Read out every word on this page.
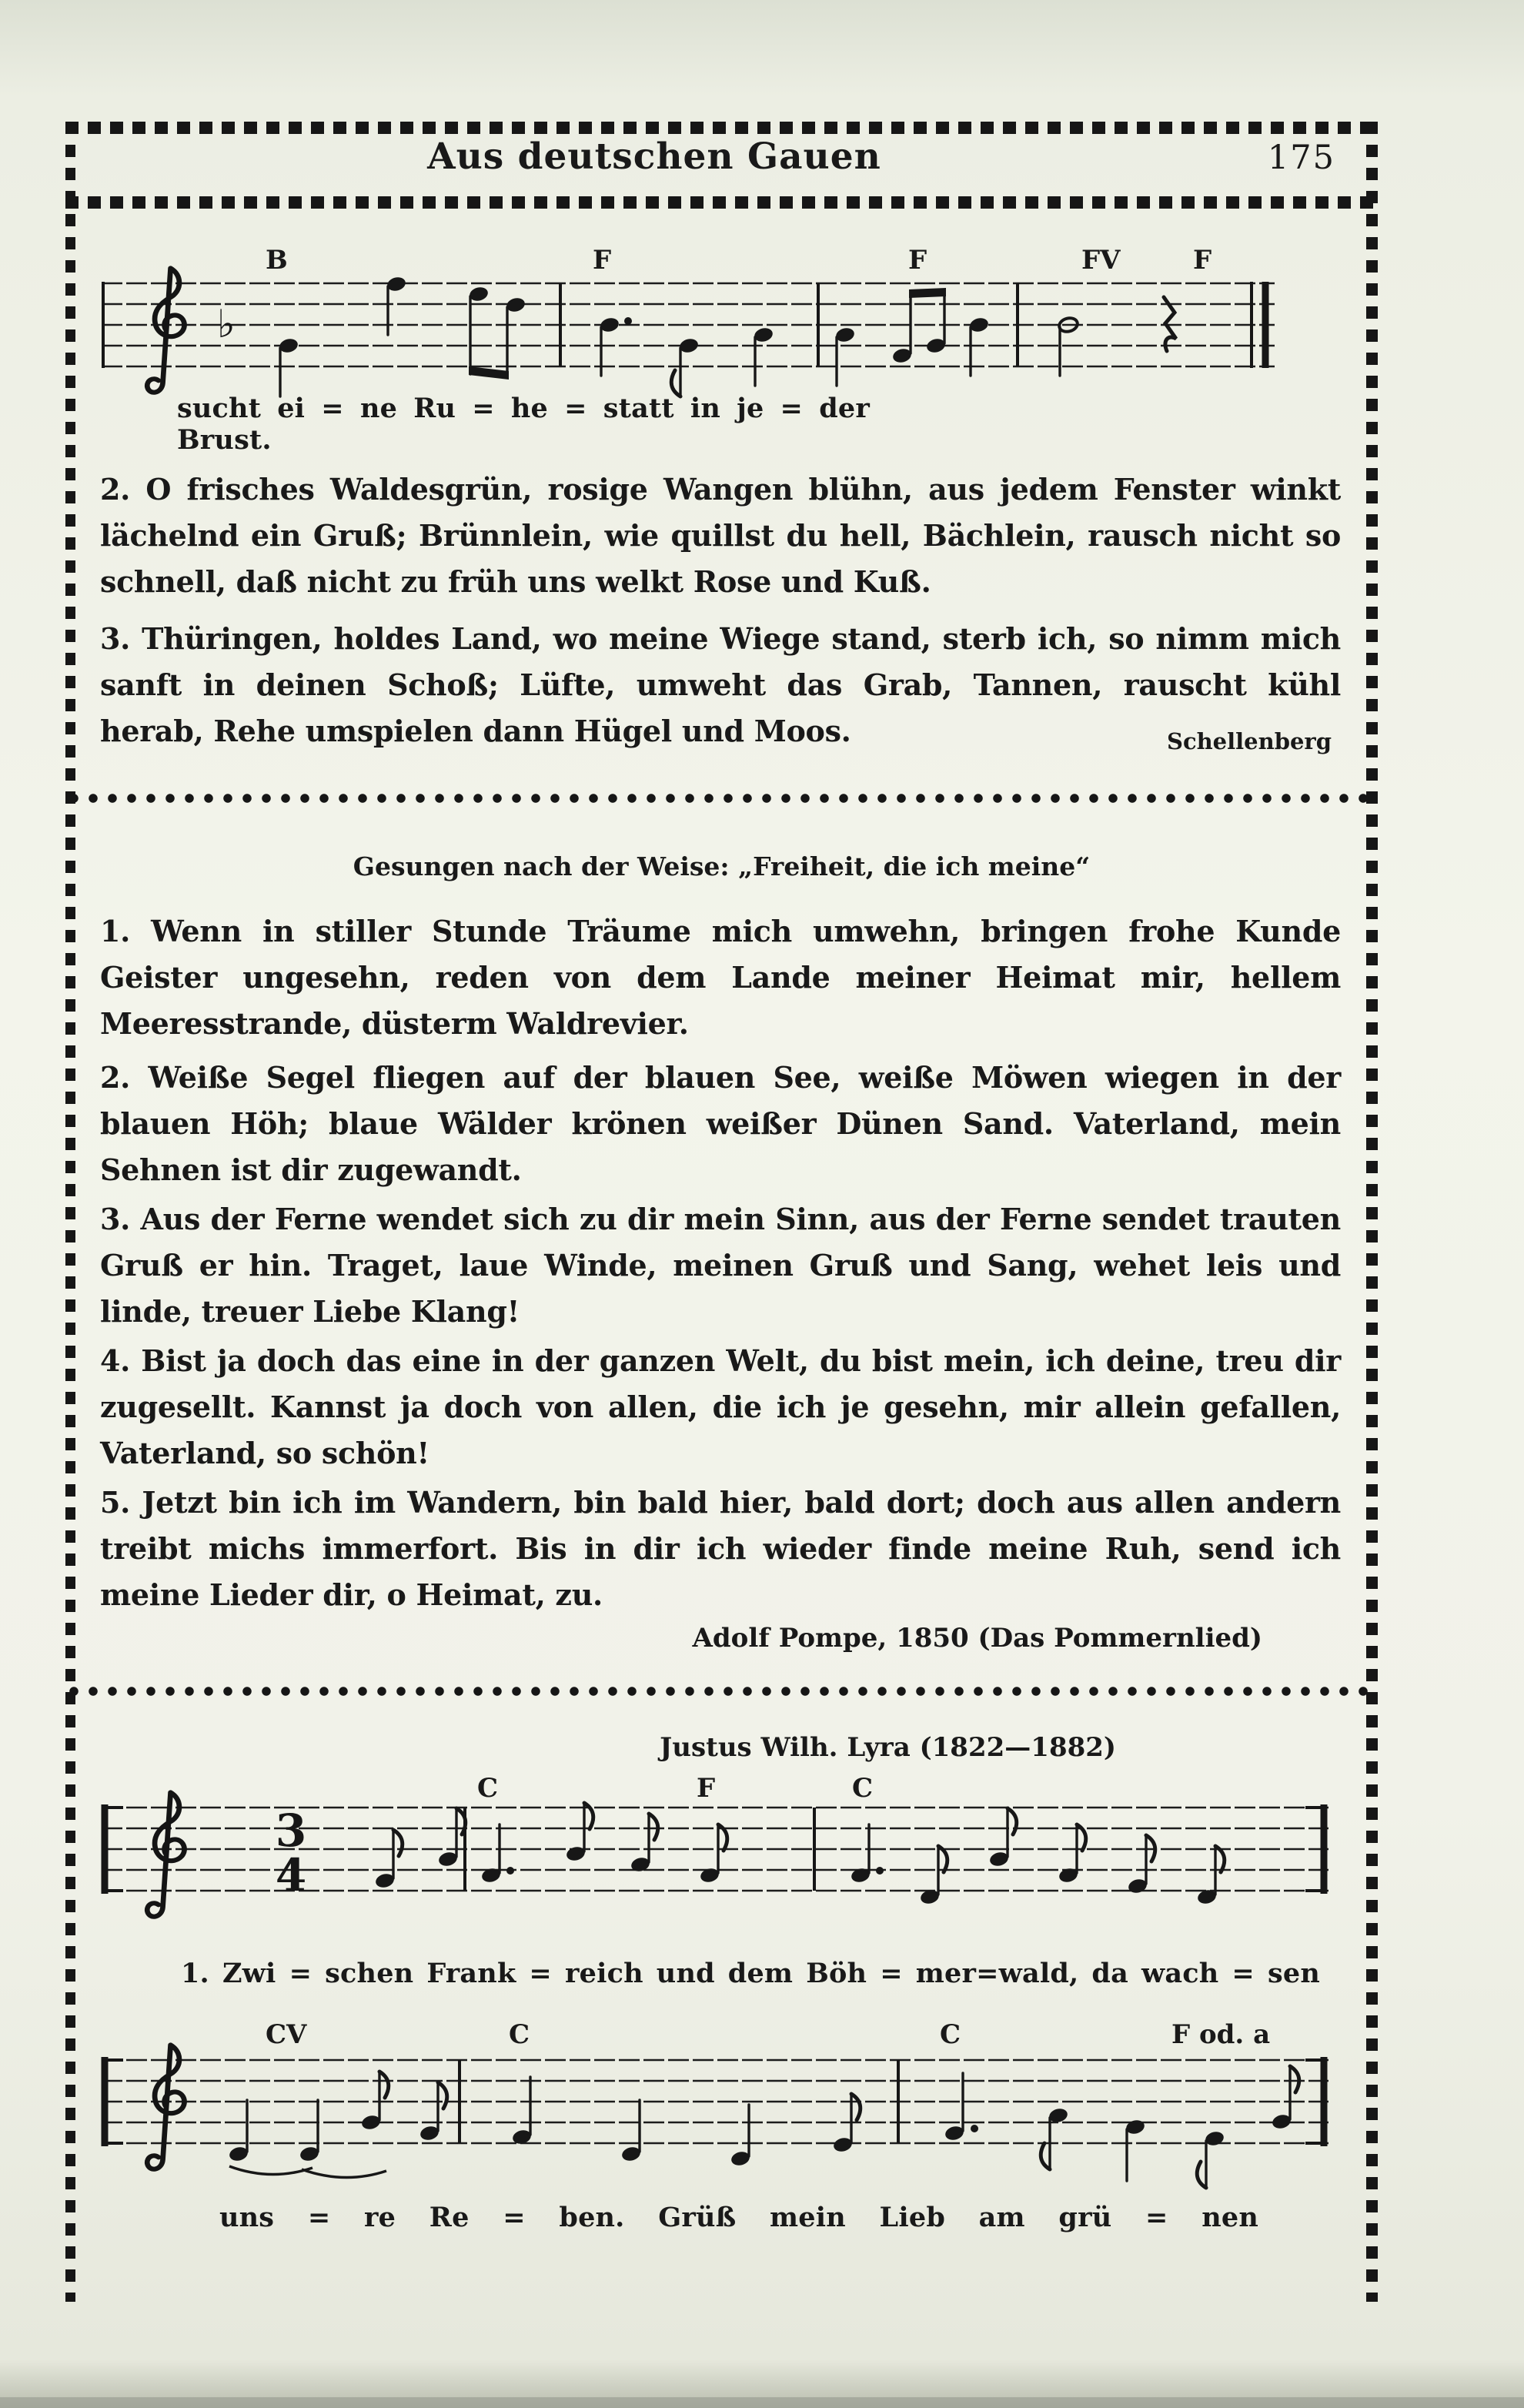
Aus deutschen Gauen	175
B	F	F	FV	F
♭
sucht ei = ne Ru = he = statt in je = der Brust.
2. O frisches Waldesgrün, rosige Wangen blühn, aus jedem Fenster winkt lächelnd ein Gruß; Brünnlein, wie quillst du hell, Bächlein, rausch nicht so schnell, daß nicht zu früh uns welkt Rose und Kuß.
3. Thüringen, holdes Land, wo meine Wiege stand, sterb ich, so nimm mich sanft in deinen Schoß; Lüfte, umweht das Grab, Tannen, rauscht kühl herab, Rehe umspielen dann Hügel und Moos.	Schellenberg
Gesungen nach der Weise: „Freiheit, die ich meine“
1. Wenn in stiller Stunde Träume mich umwehn, bringen frohe Kunde Geister ungesehn, reden von dem Lande meiner Heimat mir, hellem Meeresstrande, düsterm Waldrevier.
2. Weiße Segel fliegen auf der blauen See, weiße Möwen wiegen in der blauen Höh; blaue Wälder krönen weißer Dünen Sand. Vaterland, mein Sehnen ist dir zugewandt.
3. Aus der Ferne wendet sich zu dir mein Sinn, aus der Ferne sendet trauten Gruß er hin. Traget, laue Winde, meinen Gruß und Sang, wehet leis und linde, treuer Liebe Klang!
4. Bist ja doch das eine in der ganzen Welt, du bist mein, ich deine, treu dir zugesellt. Kannst ja doch von allen, die ich je gesehn, mir allein gefallen, Vaterland, so schön!
5. Jetzt bin ich im Wandern, bin bald hier, bald dort; doch aus allen andern treibt michs immerfort. Bis in dir ich wieder finde meine Ruh, send ich meine Lieder dir, o Heimat, zu.
Adolf Pompe, 1850 (Das Pommernlied)
Justus Wilh. Lyra (1822—1882)
C	F	C
3
4
1. Zwi = schen Frank = reich und dem Böh = mer=wald, da wach = sen
CV	C	C	F od. a
uns = re Re = ben. Grüß mein Lieb am grü = nen
